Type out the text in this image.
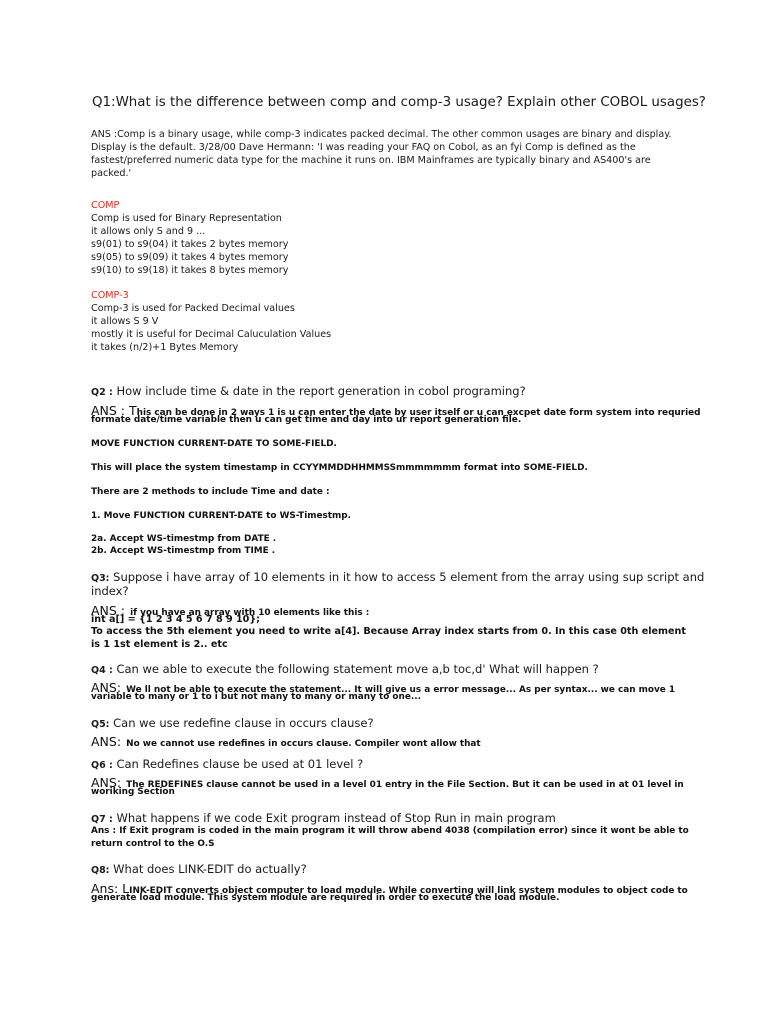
Q1:What is the difference between comp and comp-3 usage? Explain other COBOL usages?
ANS :Comp is a binary usage, while comp-3 indicates packed decimal. The other common usages are binary and display.
Display is the default. 3/28/00 Dave Hermann: 'I was reading your FAQ on Cobol, as an fyi Comp is defined as the
fastest/preferred numeric data type for the machine it runs on. IBM Mainframes are typically binary and AS400's are
packed.'
COMP
Comp is used for Binary Representation
it allows only S and 9 ...
s9(01) to s9(04) it takes 2 bytes memory
s9(05) to s9(09) it takes 4 bytes memory
s9(10) to s9(18) it takes 8 bytes memory
COMP-3
Comp-3 is used for Packed Decimal values
it allows S 9 V
mostly it is useful for Decimal Caluculation Values
it takes (n/2)+1 Bytes Memory
Q2 : How include time & date in the report generation in cobol programing?
ANS : This can be done in 2 ways 1 is u can enter the date by user itself or u can excpet date form system into requried
formate date/time variable then u can get time and day into ur report generation file.
MOVE FUNCTION CURRENT-DATE TO SOME-FIELD.
This will place the system timestamp in CCYYMMDDHHMMSSmmmmmmm format into SOME-FIELD.
There are 2 methods to include Time and date :
1. Move FUNCTION CURRENT-DATE to WS-Timestmp.
2a. Accept WS-timestmp from DATE .
2b. Accept WS-timestmp from TIME .
Q3: Suppose i have array of 10 elements in it how to access 5 element from the array using sup script and
index?
ANS : if you have an array with 10 elements like this :
int a[] = {1 2 3 4 5 6 7 8 9 10};
To access the 5th element you need to write a[4]. Because Array index starts from 0. In this case 0th element
is 1 1st element is 2.. etc
Q4 : Can we able to execute the following statement move a,b toc,d' What will happen ?
ANS: We ll not be able to execute the statement... It will give us a error message... As per syntax... we can move 1
variable to many or 1 to i but not many to many or many to one...
Q5: Can we use redefine clause in occurs clause?
ANS: No we cannot use redefines in occurs clause. Compiler wont allow that
Q6 : Can Redefines clause be used at 01 level ?
ANS: The REDEFINES clause cannot be used in a level 01 entry in the File Section. But it can be used in at 01 level in
woriking Section
Q7 : What happens if we code Exit program instead of Stop Run in main program
Ans : If Exit program is coded in the main program it will throw abend 4038 (compilation error) since it wont be able to
return control to the O.S
Q8: What does LINK-EDIT do actually?
Ans: LINK-EDIT converts object computer to load module. While converting will link system modules to object code to
generate load module. This system module are required in order to execute the load module.
